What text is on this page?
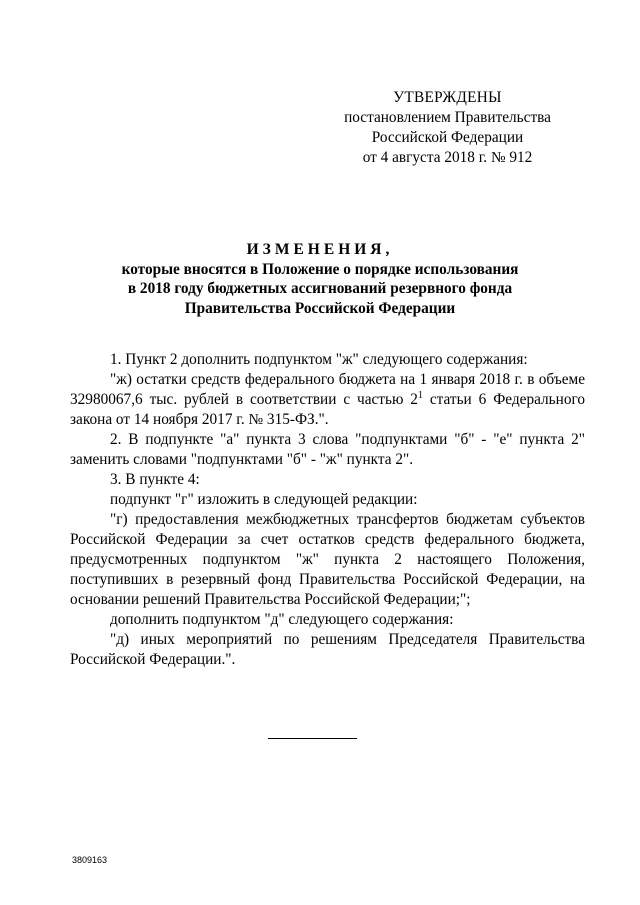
УТВЕРЖДЕНЫ
постановлением Правительства
Российской Федерации
от 4 августа 2018 г. № 912
ИЗМЕНЕНИЯ,
которые вносятся в Положение о порядке использования
в 2018 году бюджетных ассигнований резервного фонда
Правительства Российской Федерации

1. Пункт 2 дополнить подпунктом "ж" следующего содержания:

"ж) остатки средств федерального бюджета на 1 января 2018 г. в объеме 32980067,6 тыс. рублей в соответствии с частью $2^1$ статьи 6 Федерального закона от 14 ноября 2017 г. № 315-ФЗ.".

2. В подпункте "а" пункта 3 слова "подпунктами "б" - "е" пункта 2" заменить словами "подпунктами "б" - "ж" пункта 2".

3. В пункте 4:

подпункт "г" изложить в следующей редакции:

"г) предоставления межбюджетных трансфертов бюджетам субъектов Российской Федерации за счет остатков средств федерального бюджета, предусмотренных подпунктом "ж" пункта 2 настоящего Положения, поступивших в резервный фонд Правительства Российской Федерации, на основании решений Правительства Российской Федерации;";

дополнить подпунктом "д" следующего содержания:

"д) иных мероприятий по решениям Председателя Правительства Российской Федерации.".

3809163
